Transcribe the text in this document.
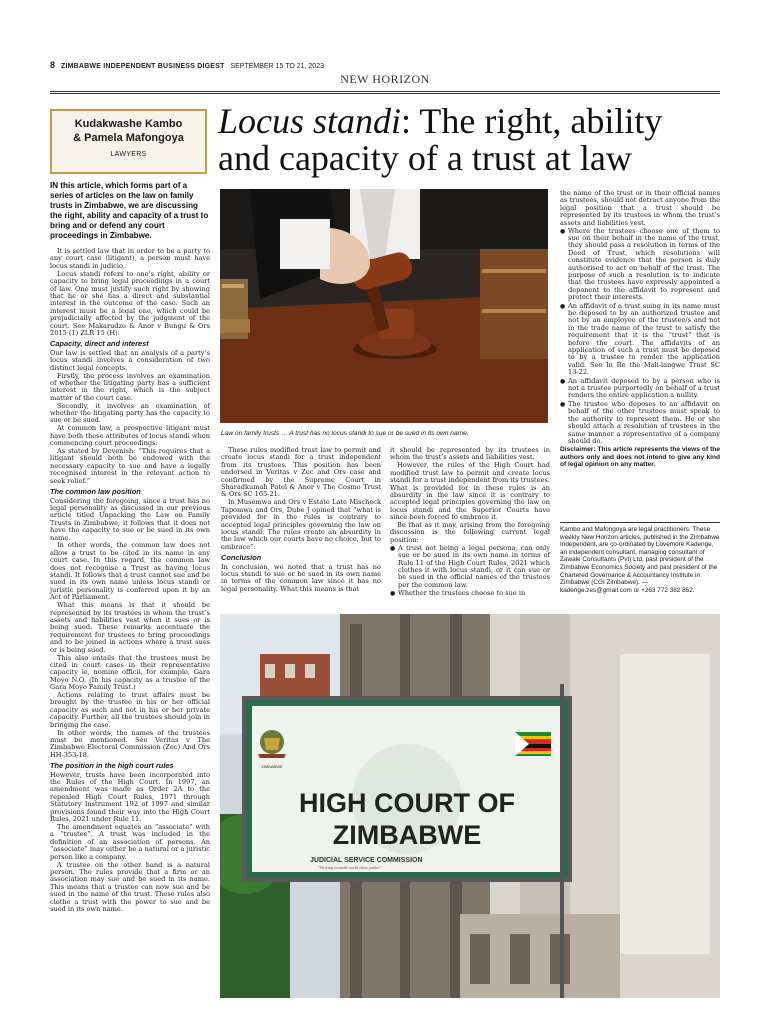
8 ZIMBABWE INDEPENDENT BUSINESS DIGEST SEPTEMBER 15 TO 21, 2023
NEW HORIZON
Kudakwashe Kambo
& Pamela Mafongoya
LAWYERS
Locus standi: The right, ability
and capacity of a trust at law
IN this article, which forms part of a series of articles on the law on family trusts in Zimbabwe, we are discussing the right, ability and capacity of a trust to bring and or defend any court proceedings in Zimbabwe.

It is settled law that in order to be a party to any court case (litigant), a person must have locus standi in judicio.

Locus standi refers to one’s right, ability or capacity to bring legal proceedings in a court of law. One must justify such right by showing that he or she has a direct and substantial interest in the outcome of the case. Such an interest must be a legal one, which could be prejudicially affected by the judgment of the court. See Makarudze & Anor v Bungu & Ors 2015 (1) ZLR 15 (H).

Capacity, direct and interest

Our law is settled that an analysis of a party’s locus standi involves a consideration of two distinct legal concepts.

Firstly, the process involves an examination of whether the litigating party has a sufficient interest in the right, which is the subject matter of the court case.

Secondly, it involves an examination of whether the litigating party has the capacity to sue or be sued.

At common law, a prospective litigant must have both these attributes of locus standi when commencing court proceedings.

As stated by Devenish: “This requires that a litigant should both be endowed with the necessary capacity to sue and have a legally recognised interest in the relevant action to seek relief.”

The common law position

Considering the foregoing, since a trust has no legal personality as discussed in our previous article titled Unpacking the Law on Family Trusts in Zimbabwe, it follows that it does not have the capacity to sue or be sued in its own name.

In other words, the common law does not allow a trust to be cited in its name in any court case. In this regard, the common law does not recognise a Trust as having locus standi. It follows that a trust cannot sue and be sued in its own name unless locus standi or juristic personality is conferred upon it by an Act of Parliament.

What this means is that it should be represented by its trustees in whom the trust’s assets and liabilities vest when it sues or is being sued. These remarks accentuate the requirement for trustees to bring proceedings and to be joined in actions where a trust sues or is being sued.

This also entails that the trustees must be cited in court cases in their representative capacity ie, nomine officii, for example, Gara Moyo N.O. (In his capacity as a trustee of the Gara Moyo Family Trust.)

Actions relating to trust affairs must be brought by the trustee in his or her official capacity as such and not in his or her private capacity. Further, all the trustees should join in bringing the case.

In other words, the names of the trustees must be mentioned. See Veritas v The Zimbabwe Electoral Commission (Zec) And Ors HH-353-18.

The position in the high court rules

However, trusts have been incorporated into the Rules of the High Court. In 1997, an amendment was made as Order 2A to the repealed High Court Rules, 1971 through Statutory Instrument 192 of 1997 and similar provisions found their way into the High Court Rules, 2021 under Rule 11.

The amendment equates an “associate” with a “trustee”. A trust was included in the definition of an association of persons. An “associate” may either be a natural or a juristic person like a company.

A trustee on the other hand is a natural person. The rules provide that a firm or an association may sue and be sued in its name. This means that a trustee can now sue and be sued in the name of the trust. These rules also clothe a trust with the power to sue and be sued in its own name.

Law on family trusts … A trust has no locus standi to sue or be sued in its own name.

These rules modified trust law to permit and create locus standi for a trust independent from its trustees. This position has been endorsed in Veritas v Zec and Ors case and confirmed by the Supreme Court in Sharadkumah Patel & Anor v The Cosmo Trust & Ors SC 165-21.

In Musemwa and Ors v Estate Late Mischeck Tapomwa and Ors, Dube J opined that “what is provided for in the rules is contrary to accepted legal principles governing the law on locus standi. The rules create an absurdity in the law which our courts have no choice, but to embrace”.

Conclusion

In conclusion, we noted that a trust has no locus standi to sue or be sued in its own name in terms of the common law since it has no legal personality. What this means is that

it should be represented by its trustees in whom the trust’s assets and liabilities vest.

However, the rules of the High Court had modified trust law to permit and create locus standi for a trust independent from its trustees. What is provided for in these rules is an absurdity in the law since it is contrary to accepted legal principles governing the law on locus standi and the Superior Courts have since been forced to embrace it.

Be that as it may, arising from the foregoing discussion is the following current legal position:

● A trust not being a legal persona, can only sue or be sued in its own name in terms of Rule 11 of the High Court Rules, 2021 which clothes it with locus standi, or it can sue or be sued in the official names of the trustees per the common law.
● Whether the trustees choose to sue in

the name of the trust or in their official names as trustees, should not detract anyone from the legal position that a trust should be represented by its trustees in whom the trust’s assets and liabilities vest.

● Where the trustees choose one of them to sue on their behalf in the name of the trust, they should pass a resolution in terms of the Deed of Trust, which resolutions will constitute evidence that the person is duly authorised to act on behalf of the trust. The purpose of such a resolution is to indicate that the trustees have expressly appointed a deponent to the affidavit to represent and protect their interests.
● An affidavit of a trust suing in its name must be deposed to by an authorized trustee and not by an employee of the trustee/s and not in the trade name of the trust to satisfy the requirement that it is the “trust” that is before the court. The affidavits of an application of such a trust must be deposed to by a trustee to render the application valid. See In Re the Mali-langwe Trust SC 13-22.
● An affidavit deposed to by a person who is not a trustee purportedly on behalf of a trust renders the entire application a nullity.
● The trustee who deposes to an affidavit on behalf of the other trustees must speak to the authority to represent them. He or she should attach a resolution of trustees in the same manner a representative of a company should do.

Disclaimer: This article represents the views of the authors only and does not intend to give any kind of legal opinion on any matter.

Kambo and Mafongoya are legal practitioners. These weekly New Horizon articles, published in the Zimbabwe Independent, are co-ordinated by Lovemore Kadenge, an independent consultant, managing consultant of Zawale Consultants (Pvt) Ltd, past president of the Zimbabwe Economics Society and past president of the Chartered Governance & Accountancy Institute in Zimbabwe (CGI Zimbabwe). — kadenge.zes@gmail.com or +263 772 382 852.
ZIMBABWE
HIGH COURT OF
ZIMBABWE
JUDICIAL SERVICE COMMISSION
"Striving towards world class justice"
